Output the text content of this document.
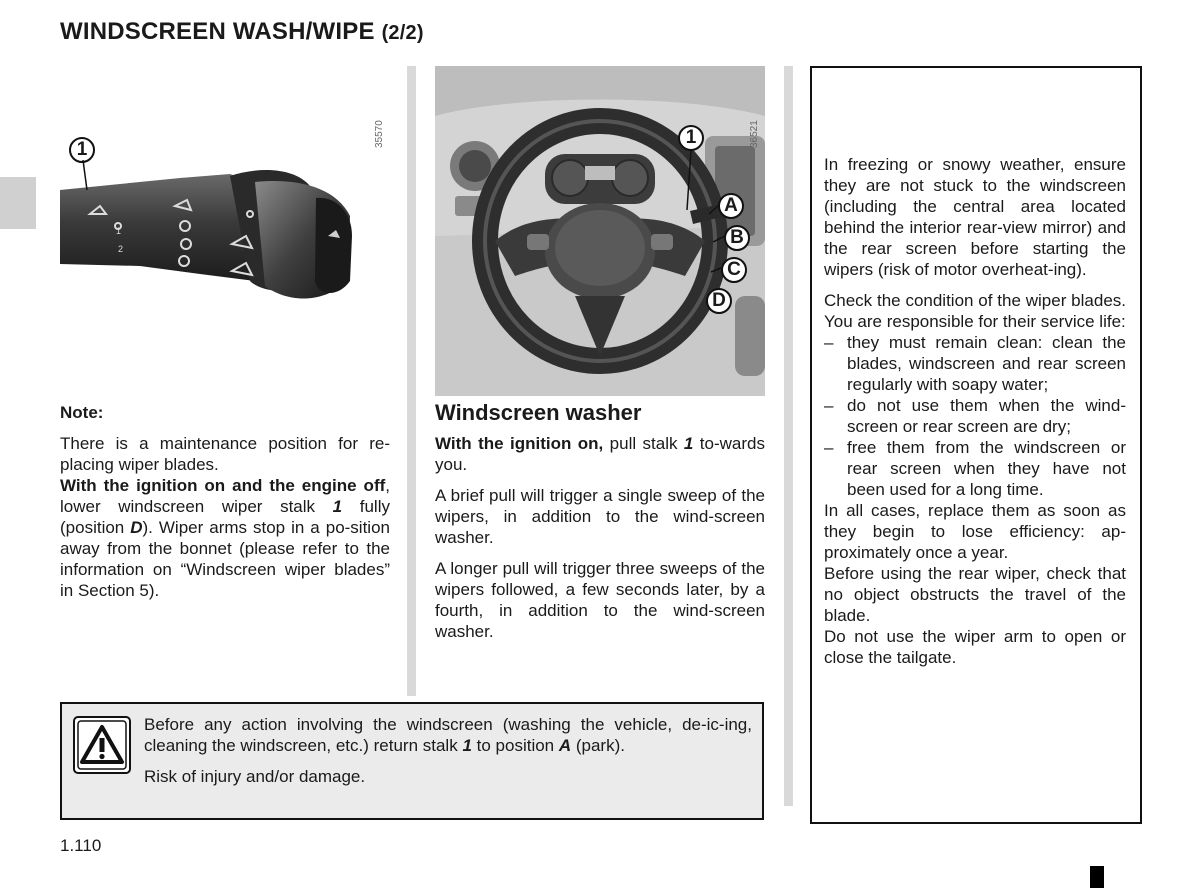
WINDSCREEN WASH/WIPE (2/2)
1
2
35570
1
36521
1
A
B
C
D

Note:

There is a maintenance position for re-placing wiper blades.

With the ignition on and the engine off, lower windscreen wiper stalk 1 fully (position D). Wiper arms stop in a po-sition away from the bonnet (please refer to the information on “Windscreen wiper blades” in Section 5).

Windscreen washer

With the ignition on, pull stalk 1 to-wards you.

A brief pull will trigger a single sweep of the wipers, in addition to the wind-screen washer.

A longer pull will trigger three sweeps of the wipers followed, a few seconds later, by a fourth, in addition to the wind-screen washer.

In freezing or snowy weather, ensure they are not stuck to the windscreen (including the central area located behind the interior rear-view mirror) and the rear screen before starting the wipers (risk of motor overheat-ing).

Check the condition of the wiper blades. You are responsible for their service life:

– they must remain clean: clean the blades, windscreen and rear screen regularly with soapy water;
– do not use them when the wind-screen or rear screen are dry;
– free them from the windscreen or rear screen when they have not been used for a long time.

In all cases, replace them as soon as they begin to lose efficiency: ap-proximately once a year.

Before using the rear wiper, check that no object obstructs the travel of the blade.

Do not use the wiper arm to open or close the tailgate.

Before any action involving the windscreen (washing the vehicle, de-ic-ing, cleaning the windscreen, etc.) return stalk 1 to position A (park).

Risk of injury and/or damage.

1.110
